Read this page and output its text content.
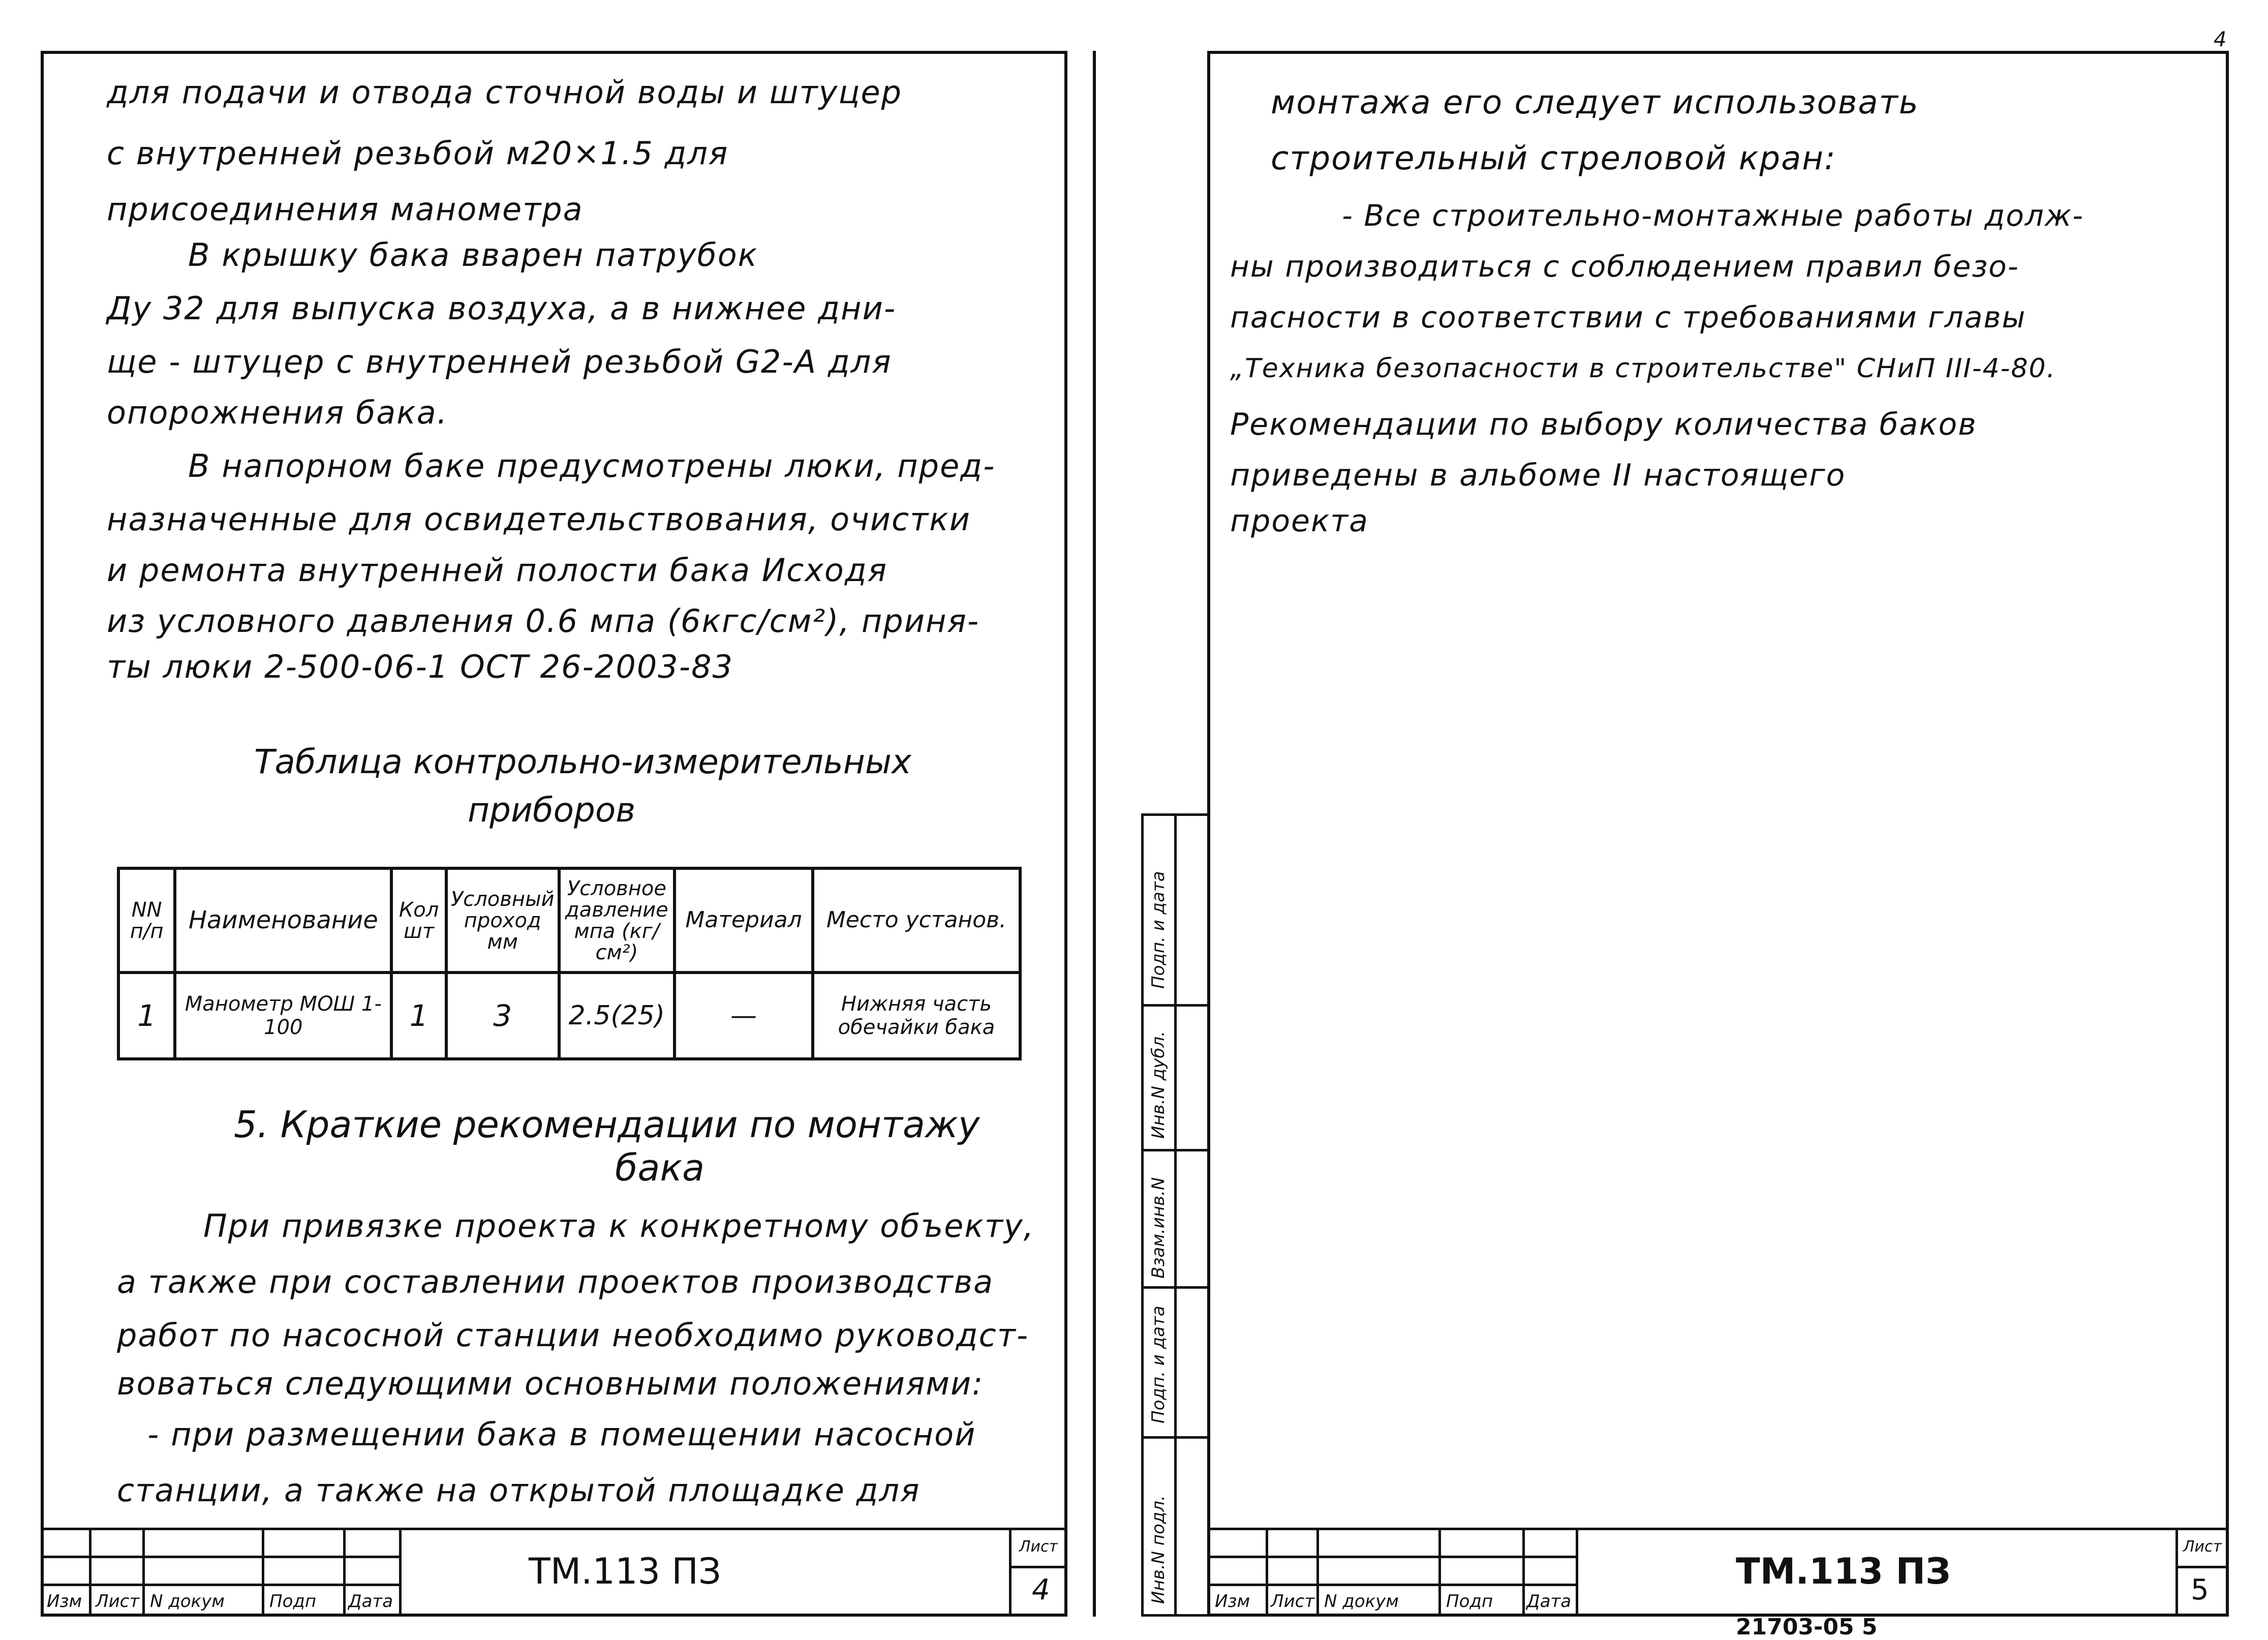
4
для подачи и отвода сточной воды и штуцер
с внутренней резьбой м20×1.5 для
присоединения манометра
В крышку бака вварен патрубок
Ду 32 для выпуска воздуха, а в нижнее дни-
ще - штуцер с внутренней резьбой G2-A для
опорожнения бака.
В напорном баке предусмотрены люки, пред-
назначенные для освидетельствования, очистки
и ремонта внутренней полости бака Исходя
из условного давления 0.6 мпа (6кгс/см²), приня-
ты люки 2-500-06-1 ОСТ 26-2003-83
Таблица контрольно-измерительных
приборов
NN п/п	Наименование	Кол шт	Условный проход мм	Условное давление мпа (кг/см²)	Материал	Место установ.
1	Манометр МОШ 1-100	1	3	2.5(25)	—	Нижняя часть обечайки бака
5. Краткие рекомендации по монтажу
бака
При привязке проекта к конкретному объекту,
а также при составлении проектов производства
работ по насосной станции необходимо руководст-
воваться следующими основными положениями:
- при размещении бака в помещении насосной
станции, а также на открытой площадке для
Изм Лист N докум	Подп Дата
ТМ.113 ПЗ
Лист
4
монтажа его следует использовать
строительный стреловой кран:
- Все строительно-монтажные работы долж-
ны производиться с соблюдением правил безо-
пасности в соответствии с требованиями главы
„Техника безопасности в строительстве" СНиП III-4-80.
Рекомендации по выбору количества баков
приведены в альбоме II настоящего
проекта
Подп. и дата
Инв.N дубл.
Взам.инв.N
Подп. и дата
Инв.N подл.	Изм Лист N докум	Подп Дата
ТМ.113 ПЗ
Лист
5
21703-05 5
